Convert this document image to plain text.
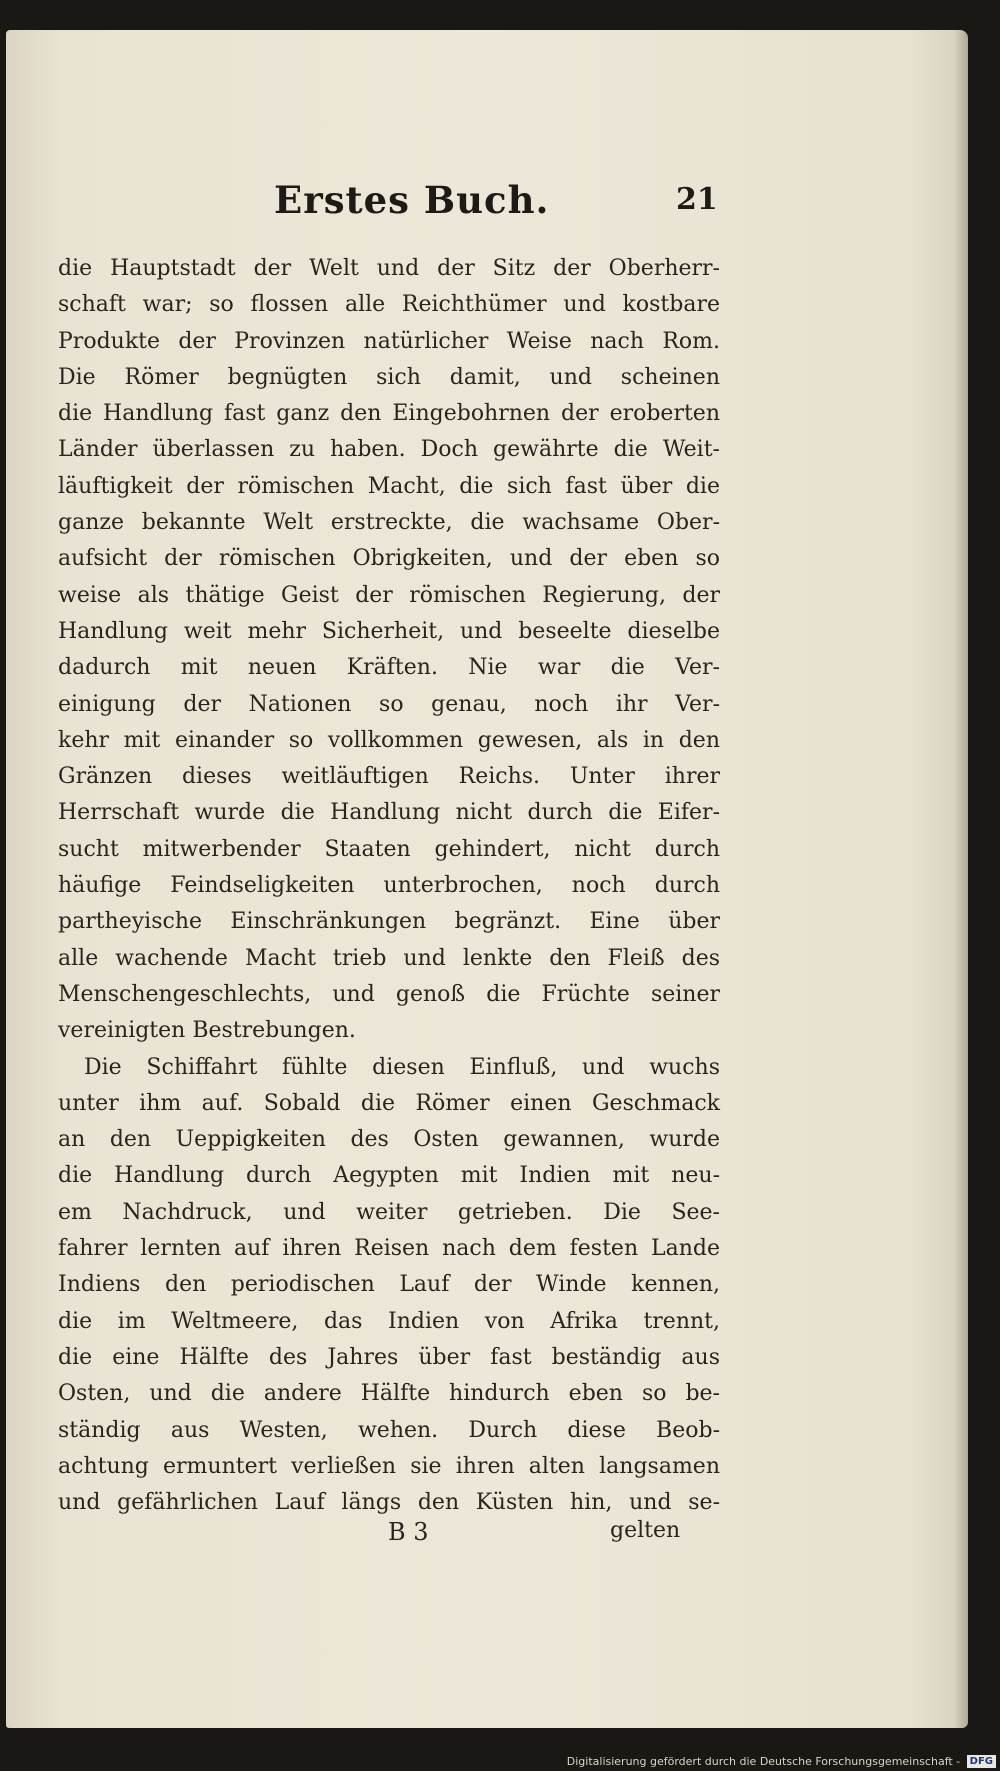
Erstes Buch.	21
die Hauptstadt der Welt und der Sitz der Oberherr-
schaft war; so flossen alle Reichthümer und kostbare
Produkte der Provinzen natürlicher Weise nach Rom.
Die Römer begnügten sich damit, und scheinen
die Handlung fast ganz den Eingebohrnen der eroberten
Länder überlassen zu haben. Doch gewährte die Weit-
läuftigkeit der römischen Macht, die sich fast über die
ganze bekannte Welt erstreckte, die wachsame Ober-
aufsicht der römischen Obrigkeiten, und der eben so
weise als thätige Geist der römischen Regierung, der
Handlung weit mehr Sicherheit, und beseelte dieselbe
dadurch mit neuen Kräften. Nie war die Ver-
einigung der Nationen so genau, noch ihr Ver-
kehr mit einander so vollkommen gewesen, als in den
Gränzen dieses weitläuftigen Reichs. Unter ihrer
Herrschaft wurde die Handlung nicht durch die Eifer-
sucht mitwerbender Staaten gehindert, nicht durch
häufige Feindseligkeiten unterbrochen, noch durch
partheyische Einschränkungen begränzt. Eine über
alle wachende Macht trieb und lenkte den Fleiß des
Menschengeschlechts, und genoß die Früchte seiner
vereinigten Bestrebungen.
Die Schiffahrt fühlte diesen Einfluß, und wuchs
unter ihm auf. Sobald die Römer einen Geschmack
an den Ueppigkeiten des Osten gewannen, wurde
die Handlung durch Aegypten mit Indien mit neu-
em Nachdruck, und weiter getrieben. Die See-
fahrer lernten auf ihren Reisen nach dem festen Lande
Indiens den periodischen Lauf der Winde kennen,
die im Weltmeere, das Indien von Afrika trennt,
die eine Hälfte des Jahres über fast beständig aus
Osten, und die andere Hälfte hindurch eben so be-
ständig aus Westen, wehen. Durch diese Beob-
achtung ermuntert verließen sie ihren alten langsamen
und gefährlichen Lauf längs den Küsten hin, und se-
B 3	gelten
Digitalisierung gefördert durch die Deutsche Forschungsgemeinschaft - DFG
